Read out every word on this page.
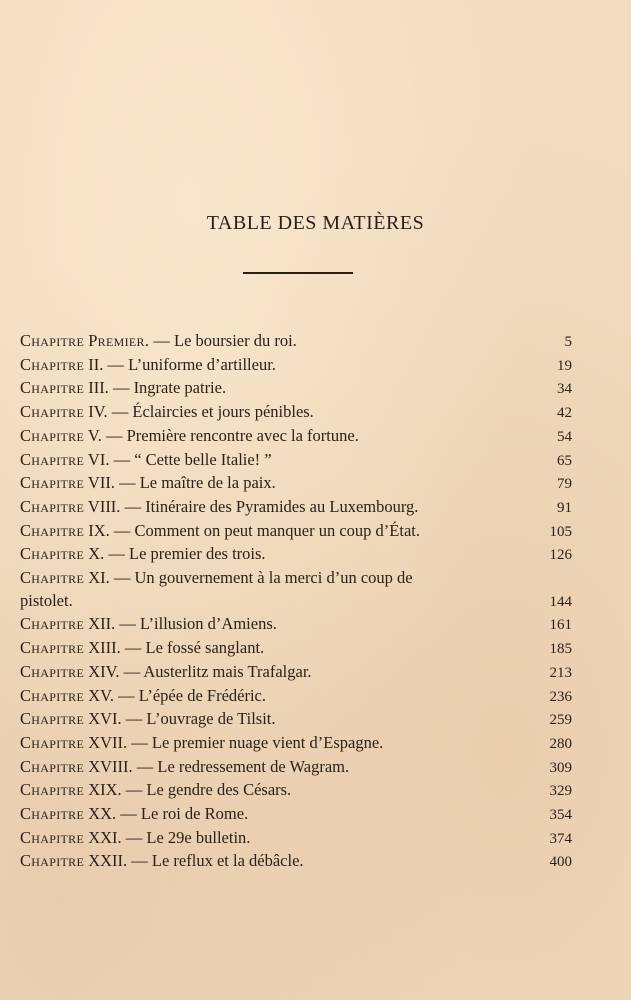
TABLE DES MATIÈRES
Chapitre Premier. — Le boursier du roi.	5
Chapitre II. — L’uniforme d’artilleur.	19
Chapitre III. — Ingrate patrie.	34
Chapitre IV. — Éclaircies et jours pénibles.	42
Chapitre V. — Première rencontre avec la fortune.	54
Chapitre VI. — “ Cette belle Italie! ”	65
Chapitre VII. — Le maître de la paix.	79
Chapitre VIII. — Itinéraire des Pyramides au Luxembourg.	91
Chapitre IX. — Comment on peut manquer un coup d’État.	105
Chapitre X. — Le premier des trois.	126
Chapitre XI. — Un gouvernement à la merci d’un coup de
pistolet.	144
Chapitre XII. — L’illusion d’Amiens.	161
Chapitre XIII. — Le fossé sanglant.	185
Chapitre XIV. — Austerlitz mais Trafalgar.	213
Chapitre XV. — L’épée de Frédéric.	236
Chapitre XVI. — L’ouvrage de Tilsit.	259
Chapitre XVII. — Le premier nuage vient d’Espagne.	280
Chapitre XVIII. — Le redressement de Wagram.	309
Chapitre XIX. — Le gendre des Césars.	329
Chapitre XX. — Le roi de Rome.	354
Chapitre XXI. — Le 29e bulletin.	374
Chapitre XXII. — Le reflux et la débâcle.	400
